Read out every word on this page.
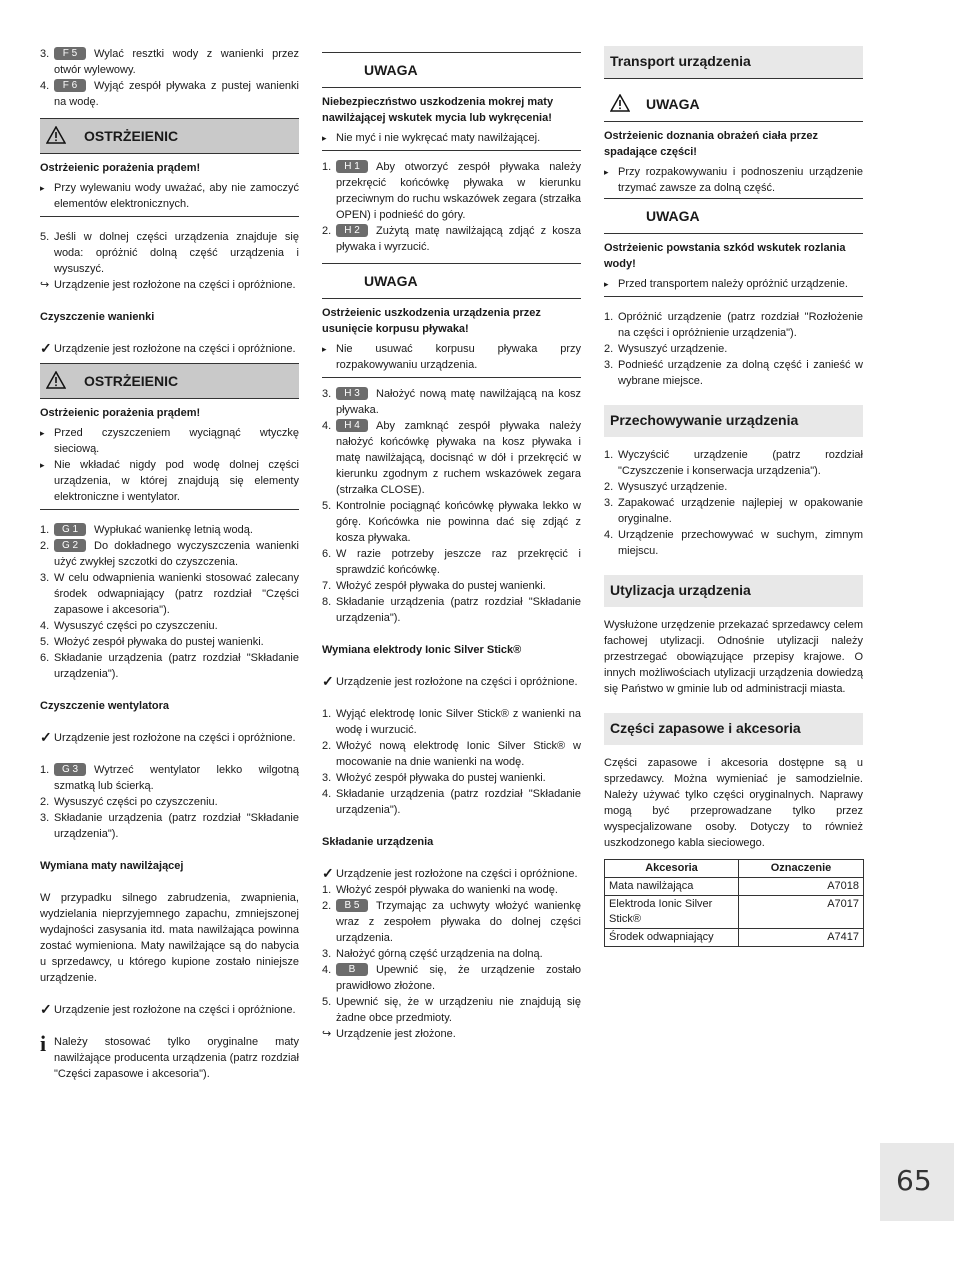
3. F 5 Wylać resztki wody z wanienki przez otwór wylewowy.

4. F 6 Wyjąć zespół pływaka z pustej wanienki na wodę.

OSTRŻEIENIC

Ostrżeienic porażenia prądem!

▸ Przy wylewaniu wody uważać, aby nie zamoczyć elementów elektronicznych.

5. Jeśli w dolnej części urządzenia znajduje się woda: opróżnić dolną część urządzenia i wysuszyć.

↪ Urządzenie jest rozłożone na części i opróżnione.

Czyszczenie wanienki

✓ Urządzenie jest rozłożone na części i opróżnione.

OSTRŻEIENIC

Ostrżeienic porażenia prądem!

▸ Przed czyszczeniem wyciągnąć wtyczkę sieciową.

▸ Nie wkładać nigdy pod wodę dolnej części urządzenia, w której znajdują się elementy elektroniczne i wentylator.

1. G 1 Wypłukać wanienkę letnią wodą.

2. G 2 Do dokładnego wyczyszczenia wanienki użyć zwykłej szczotki do czyszczenia.

3. W celu odwapnienia wanienki stosować zalecany środek odwapniający (patrz rozdział "Części zapasowe i akcesoria").

4. Wysuszyć części po czyszczeniu.

5. Włożyć zespół pływaka do pustej wanienki.

6. Składanie urządzenia (patrz rozdział "Składanie urządzenia").

Czyszczenie wentylatora

✓ Urządzenie jest rozłożone na części i opróżnione.

1. G 3 Wytrzeć wentylator lekko wilgotną szmatką lub ścierką.

2. Wysuszyć części po czyszczeniu.

3. Składanie urządzenia (patrz rozdział "Składanie urządzenia").

Wymiana maty nawilżającej

W przypadku silnego zabrudzenia, zwapnienia, wydzielania nieprzyjemnego zapachu, zmniejszonej wydajności zasysania itd. mata nawilżająca powinna zostać wymieniona. Maty nawilżające są do nabycia u sprzedawcy, u którego kupione zostało niniejsze urządzenie.

✓ Urządzenie jest rozłożone na części i opróżnione.

i Należy stosować tylko oryginalne maty nawilżające producenta urządzenia (patrz rozdział "Części zapasowe i akcesoria").

UWAGA

Niebezpieczństwo uszkodzenia mokrej maty nawilżającej wskutek mycia lub wykręcenia!

▸ Nie myć i nie wykręcać maty nawilżającej.

1. H 1 Aby otworzyć zespół pływaka należy przekręcić końcówkę pływaka w kierunku przeciwnym do ruchu wskazówek zegara (strzałka OPEN) i podnieść do góry.

2. H 2 Zużytą matę nawilżającą zdjąć z kosza pływaka i wyrzucić.

UWAGA

Ostrżeienic uszkodzenia urządzenia przez usunięcie korpusu pływaka!

▸ Nie usuwać korpusu pływaka przy rozpakowywaniu urządzenia.

3. H 3 Nałożyć nową matę nawilżającą na kosz pływaka.

4. H 4 Aby zamknąć zespół pływaka należy nałożyć końcówkę pływaka na kosz pływaka i matę nawilżającą, docisnąć w dół i przekręcić w kierunku zgodnym z ruchem wskazówek zegara (strzałka CLOSE).

5. Kontrolnie pociągnąć końcówkę pływaka lekko w górę. Końcówka nie powinna dać się zdjąć z kosza pływaka.

6. W razie potrzeby jeszcze raz przekręcić i sprawdzić końcówkę.

7. Włożyć zespół pływaka do pustej wanienki.

8. Składanie urządzenia (patrz rozdział "Składanie urządzenia").

Wymiana elektrody Ionic Silver Stick®

✓ Urządzenie jest rozłożone na części i opróżnione.

1. Wyjąć elektrodę Ionic Silver Stick® z wanienki na wodę i wurzucić.

2. Włożyć nową elektrodę Ionic Silver Stick® w mocowanie na dnie wanienki na wodę.

3. Włożyć zespół pływaka do pustej wanienki.

4. Składanie urządzenia (patrz rozdział "Składanie urządzenia").

Składanie urządzenia

✓ Urządzenie jest rozłożone na części i opróżnione.

1. Włożyć zespół pływaka do wanienki na wodę.

2. B 5 Trzymając za uchwyty włożyć wanienkę wraz z zespołem pływaka do dolnej części urządzenia.

3. Nałożyć górną część urządzenia na dolną.

4. B Upewnić się, że urządzenie zostało prawidłowo złożone.

5. Upewnić się, że w urządzeniu nie znajdują się żadne obce przedmioty.

↪ Urządzenie jest złożone.

Transport urządzenia
UWAGA

Ostrżeienic doznania obrażeń ciała przez spadające części!

▸ Przy rozpakowywaniu i podnoszeniu urządzenie trzymać zawsze za dolną część.

UWAGA

Ostrżeienic powstania szkód wskutek rozlania wody!

▸ Przed transportem należy opróżnić urządzenie.

1. Opróżnić urządzenie (patrz rozdział "Rozłożenie na części i opróżnienie urządzenia").

2. Wysuszyć urządzenie.

3. Podnieść urządzenie za dolną część i zanieść w wybrane miejsce.

Przechowywanie urządzenia

1. Wyczyścić urządzenie (patrz rozdział "Czyszczenie i konserwacja urządzenia").

2. Wysuszyć urządzenie.

3. Zapakować urządzenie najlepiej w opakowanie oryginalne.

4. Urządzenie przechowywać w suchym, zimnym miejscu.

Utylizacja urządzenia

Wysłużone urzędzenie przekazać sprzedawcy celem fachowej utylizacji. Odnośnie utylizacji należy przestrzegać obowiązujące przepisy krajowe. O innych możliwościach utylizacji urządzenia dowiedzą się Państwo w gminie lub od administracji miasta.

Części zapasowe i akcesoria

Części zapasowe i akcesoria dostępne są u sprzedawcy. Można wymieniać je samodzielnie. Należy używać tylko części oryginalnych. Naprawy mogą być przeprowadzane tylko przez wyspecjalizowane osoby. Dotyczy to również uszkodzonego kabla sieciowego.

Akcesoria	Oznaczenie
Mata nawilżająca	A7018
Elektroda Ionic Silver Stick®	A7017
Środek odwapniający	A7417
65
